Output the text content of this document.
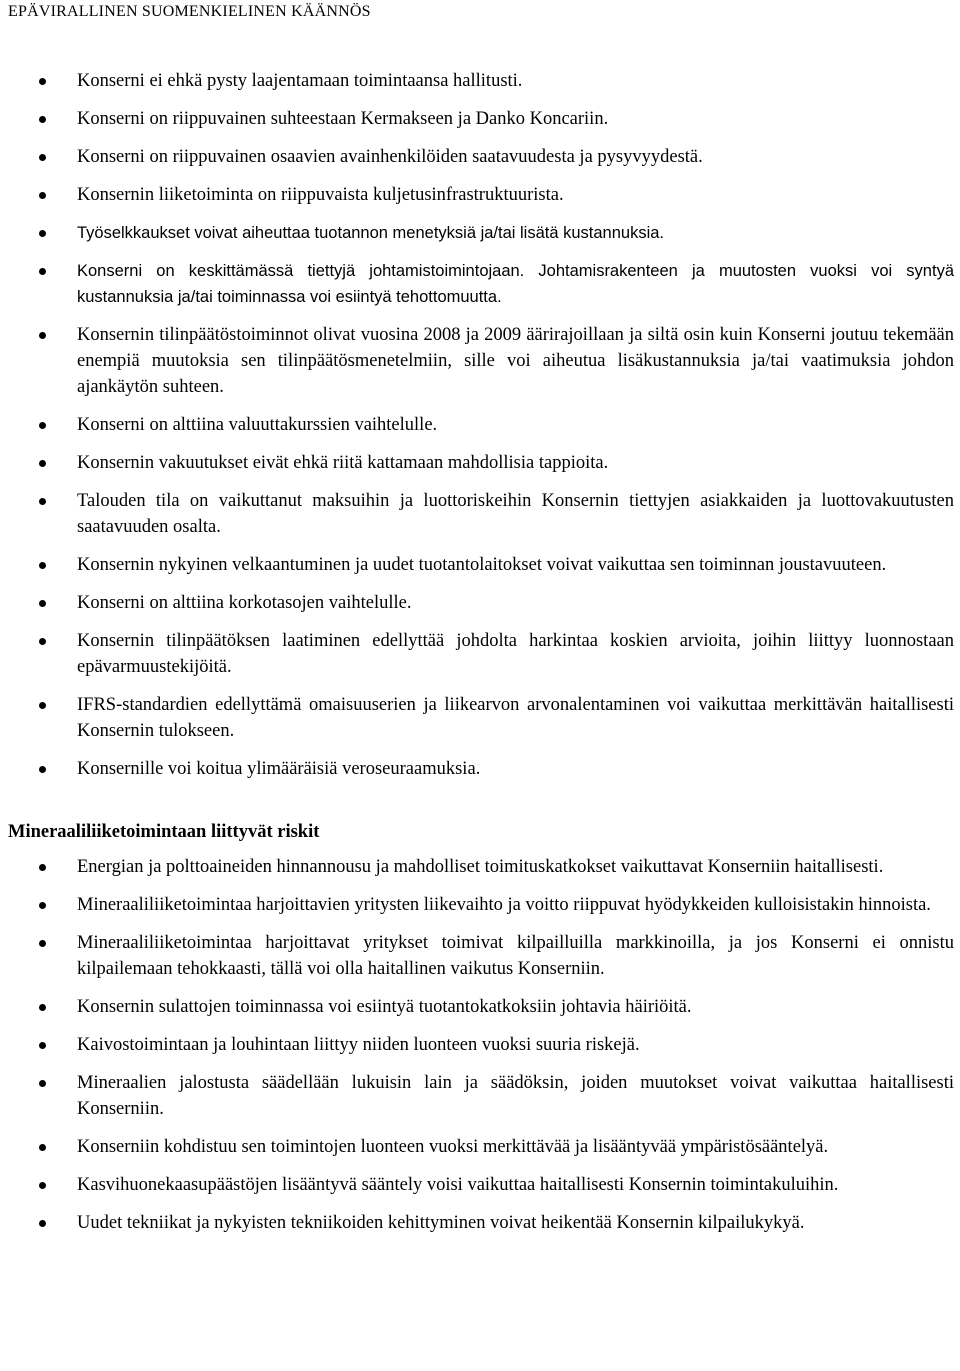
EPÄVIRALLINEN SUOMENKIELINEN KÄÄNNÖS
Konserni ei ehkä pysty laajentamaan toimintaansa hallitusti.
Konserni on riippuvainen suhteestaan Kermakseen ja Danko Koncariin.
Konserni on riippuvainen osaavien avainhenkilöiden saatavuudesta ja pysyvyydestä.
Konsernin liiketoiminta on riippuvaista kuljetusinfrastruktuurista.
Työselkkaukset voivat aiheuttaa tuotannon menetyksiä ja/tai lisätä kustannuksia.
Konserni on keskittämässä tiettyjä johtamistoimintojaan. Johtamisrakenteen ja muutosten vuoksi voi syntyä kustannuksia ja/tai toiminnassa voi esiintyä tehottomuutta.
Konsernin tilinpäätöstoiminnot olivat vuosina 2008 ja 2009 äärirajoillaan ja siltä osin kuin Konserni joutuu tekemään enempiä muutoksia sen tilinpäätösmenetelmiin, sille voi aiheutua lisäkustannuksia ja/tai vaatimuksia johdon ajankäytön suhteen.
Konserni on alttiina valuuttakurssien vaihtelulle.
Konsernin vakuutukset eivät ehkä riitä kattamaan mahdollisia tappioita.
Talouden tila on vaikuttanut maksuihin ja luottoriskeihin Konsernin tiettyjen asiakkaiden ja luottovakuutusten saatavuuden osalta.
Konsernin nykyinen velkaantuminen ja uudet tuotantolaitokset voivat vaikuttaa sen toiminnan joustavuuteen.
Konserni on alttiina korkotasojen vaihtelulle.
Konsernin tilinpäätöksen laatiminen edellyttää johdolta harkintaa koskien arvioita, joihin liittyy luonnostaan epävarmuustekijöitä.
IFRS-standardien edellyttämä omaisuuserien ja liikearvon arvonalentaminen voi vaikuttaa merkittävän haitallisesti Konsernin tulokseen.
Konsernille voi koitua ylimääräisiä veroseuraamuksia.
Mineraaliliiketoimintaan liittyvät riskit
Energian ja polttoaineiden hinnannousu ja mahdolliset toimituskatkokset vaikuttavat Konserniin haitallisesti.
Mineraaliliiketoimintaa harjoittavien yritysten liikevaihto ja voitto riippuvat hyödykkeiden kulloisistakin hinnoista.
Mineraaliliiketoimintaa harjoittavat yritykset toimivat kilpailluilla markkinoilla, ja jos Konserni ei onnistu kilpailemaan tehokkaasti, tällä voi olla haitallinen vaikutus Konserniin.
Konsernin sulattojen toiminnassa voi esiintyä tuotantokatkoksiin johtavia häiriöitä.
Kaivostoimintaan ja louhintaan liittyy niiden luonteen vuoksi suuria riskejä.
Mineraalien jalostusta säädellään lukuisin lain ja säädöksin, joiden muutokset voivat vaikuttaa haitallisesti Konserniin.
Konserniin kohdistuu sen toimintojen luonteen vuoksi merkittävää ja lisääntyvää ympäristösääntelyä.
Kasvihuonekaasupäästöjen lisääntyvä sääntely voisi vaikuttaa haitallisesti Konsernin toimintakuluihin.
Uudet tekniikat ja nykyisten tekniikoiden kehittyminen voivat heikentää Konsernin kilpailukykyä.
